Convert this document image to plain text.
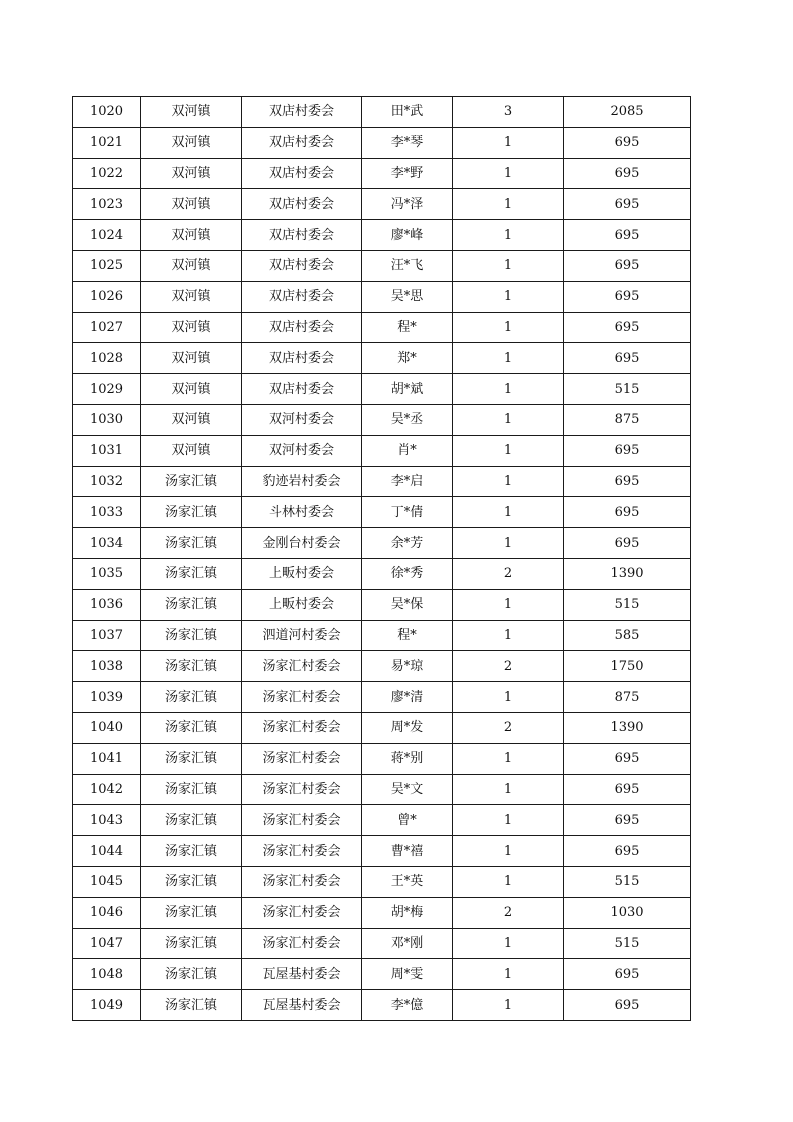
1020	双河镇	双店村委会	田*武	3	2085
1021	双河镇	双店村委会	李*琴	1	695
1022	双河镇	双店村委会	李*野	1	695
1023	双河镇	双店村委会	冯*泽	1	695
1024	双河镇	双店村委会	廖*峰	1	695
1025	双河镇	双店村委会	汪*飞	1	695
1026	双河镇	双店村委会	吴*思	1	695
1027	双河镇	双店村委会	程*	1	695
1028	双河镇	双店村委会	郑*	1	695
1029	双河镇	双店村委会	胡*斌	1	515
1030	双河镇	双河村委会	吴*丞	1	875
1031	双河镇	双河村委会	肖*	1	695
1032	汤家汇镇	豹迹岩村委会	李*启	1	695
1033	汤家汇镇	斗林村委会	丁*倩	1	695
1034	汤家汇镇	金刚台村委会	余*芳	1	695
1035	汤家汇镇	上畈村委会	徐*秀	2	1390
1036	汤家汇镇	上畈村委会	吴*保	1	515
1037	汤家汇镇	泗道河村委会	程*	1	585
1038	汤家汇镇	汤家汇村委会	易*琼	2	1750
1039	汤家汇镇	汤家汇村委会	廖*清	1	875
1040	汤家汇镇	汤家汇村委会	周*发	2	1390
1041	汤家汇镇	汤家汇村委会	蒋*别	1	695
1042	汤家汇镇	汤家汇村委会	吴*文	1	695
1043	汤家汇镇	汤家汇村委会	曾*	1	695
1044	汤家汇镇	汤家汇村委会	曹*禧	1	695
1045	汤家汇镇	汤家汇村委会	王*英	1	515
1046	汤家汇镇	汤家汇村委会	胡*梅	2	1030
1047	汤家汇镇	汤家汇村委会	邓*刚	1	515
1048	汤家汇镇	瓦屋基村委会	周*雯	1	695
1049	汤家汇镇	瓦屋基村委会	李*億	1	695
